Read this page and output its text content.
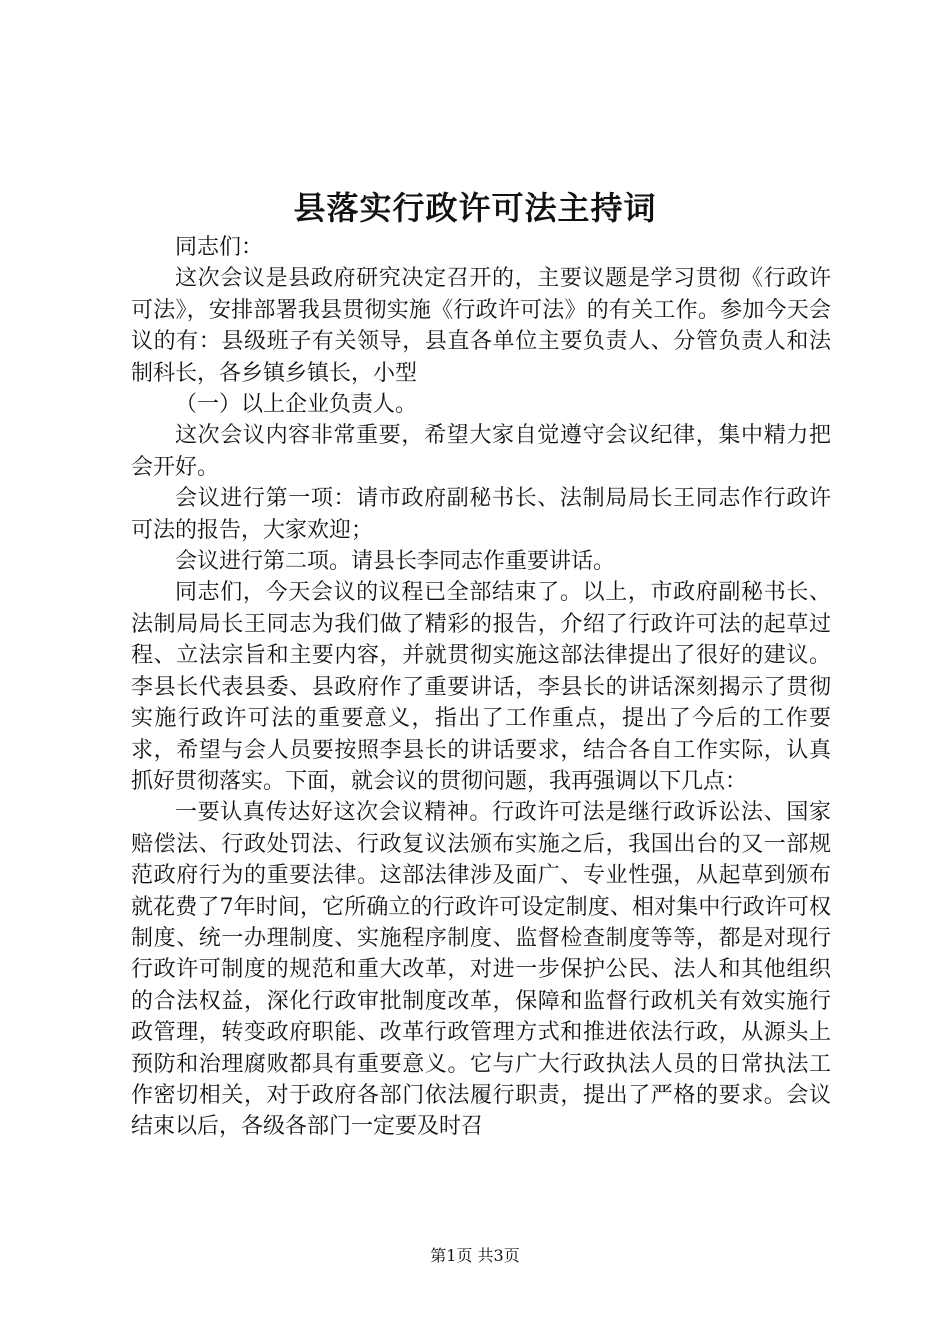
县落实行政许可法主持词

同志们：

这次会议是县政府研究决定召开的，主要议题是学习贯彻《行政许可法》，安排部署我县贯彻实施《行政许可法》的有关工作。参加今天会议的有：县级班子有关领导，县直各单位主要负责人、分管负责人和法制科长，各乡镇乡镇长，小型

（一）以上企业负责人。

这次会议内容非常重要，希望大家自觉遵守会议纪律，集中精力把会开好。

会议进行第一项：请市政府副秘书长、法制局局长王同志作行政许可法的报告，大家欢迎；

会议进行第二项。请县长李同志作重要讲话。

同志们，今天会议的议程已全部结束了。以上，市政府副秘书长、法制局局长王同志为我们做了精彩的报告，介绍了行政许可法的起草过程、立法宗旨和主要内容，并就贯彻实施这部法律提出了很好的建议。李县长代表县委、县政府作了重要讲话，李县长的讲话深刻揭示了贯彻实施行政许可法的重要意义，指出了工作重点，提出了今后的工作要求，希望与会人员要按照李县长的讲话要求，结合各自工作实际，认真抓好贯彻落实。下面，就会议的贯彻问题，我再强调以下几点：

一要认真传达好这次会议精神。行政许可法是继行政诉讼法、国家赔偿法、行政处罚法、行政复议法颁布实施之后，我国出台的又一部规范政府行为的重要法律。这部法律涉及面广、专业性强，从起草到颁布就花费了7年时间，它所确立的行政许可设定制度、相对集中行政许可权制度、统一办理制度、实施程序制度、监督检查制度等等，都是对现行行政许可制度的规范和重大改革，对进一步保护公民、法人和其他组织的合法权益，深化行政审批制度改革，保障和监督行政机关有效实施行政管理，转变政府职能、改革行政管理方式和推进依法行政，从源头上预防和治理腐败都具有重要意义。它与广大行政执法人员的日常执法工作密切相关，对于政府各部门依法履行职责，提出了严格的要求。会议结束以后，各级各部门一定要及时召

第1页 共3页
